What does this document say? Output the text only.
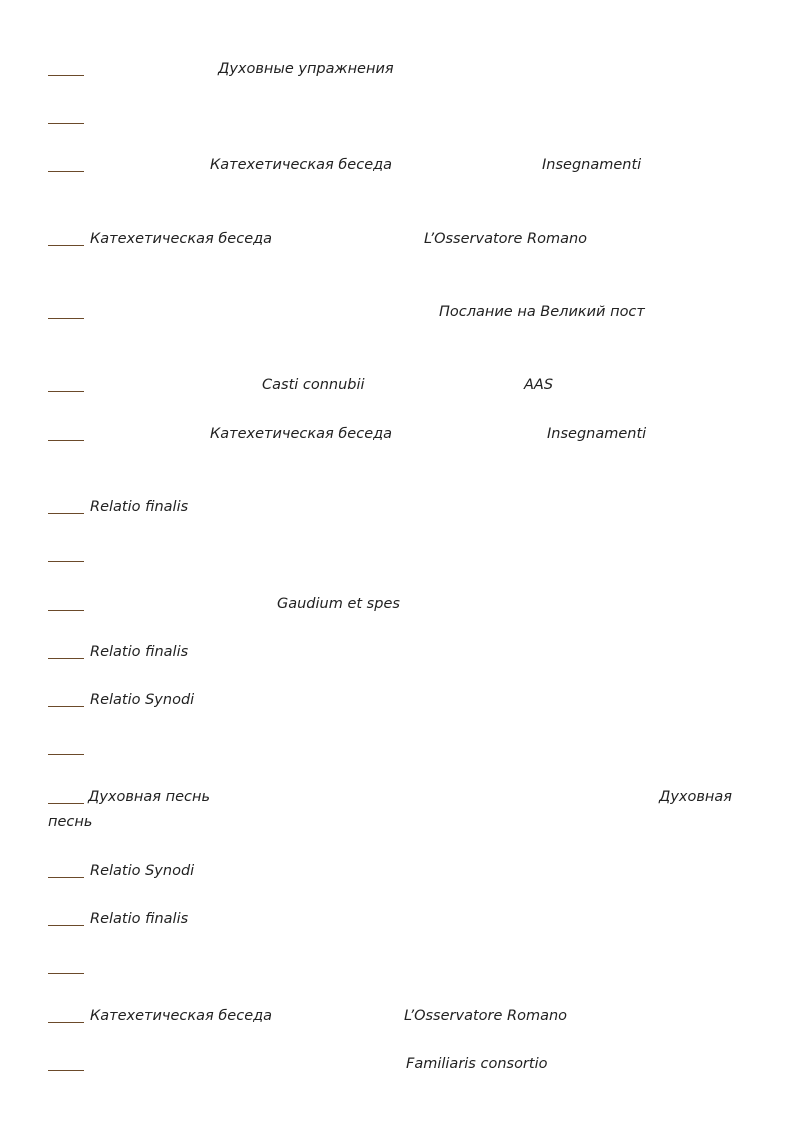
Духовные упражнения
Катехетическая беседа	Insegnamenti
Катехетическая беседа	L’Osservatore Romano
Послание на Великий пост
Casti connubii	AAS
Катехетическая беседа	Insegnamenti
Relatio finalis
Gaudium et spes
Relatio finalis
Relatio Synodi
Духовная песнь	Духовная
песнь
Relatio Synodi
Relatio finalis
Катехетическая беседа	L’Osservatore Romano
Familiaris consortio
